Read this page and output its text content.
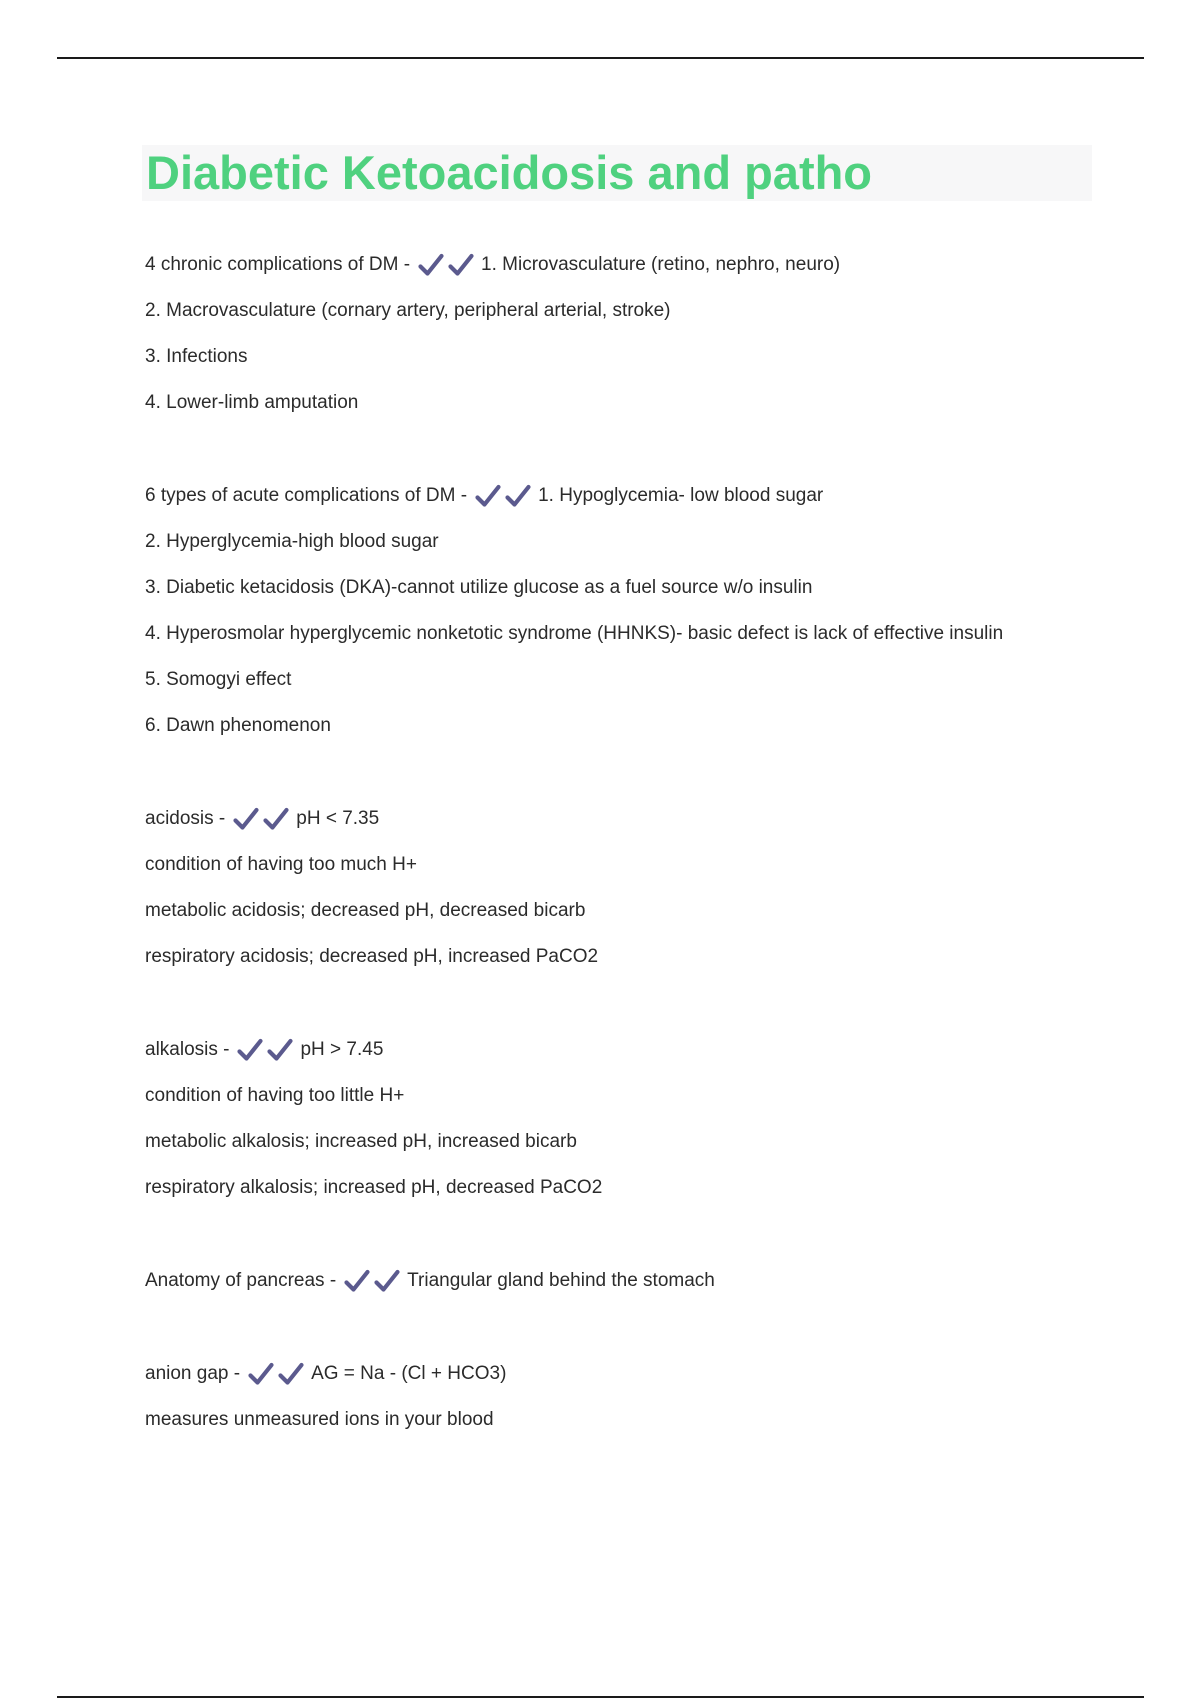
Diabetic Ketoacidosis and patho
4 chronic complications of DM -	1. Microvasculature (retino, nephro, neuro)
2. Macrovasculature (cornary artery, peripheral arterial, stroke)
3. Infections
4. Lower-limb amputation
6 types of acute complications of DM -	1. Hypoglycemia- low blood sugar
2. Hyperglycemia-high blood sugar
3. Diabetic ketacidosis (DKA)-cannot utilize glucose as a fuel source w/o insulin
4. Hyperosmolar hyperglycemic nonketotic syndrome (HHNKS)- basic defect is lack of effective insulin
5. Somogyi effect
6. Dawn phenomenon
acidosis -	pH < 7.35
condition of having too much H+
metabolic acidosis; decreased pH, decreased bicarb
respiratory acidosis; decreased pH, increased PaCO2
alkalosis -	pH > 7.45
condition of having too little H+
metabolic alkalosis; increased pH, increased bicarb
respiratory alkalosis; increased pH, decreased PaCO2
Anatomy of pancreas -	Triangular gland behind the stomach
anion gap -	AG = Na - (Cl + HCO3)
measures unmeasured ions in your blood
